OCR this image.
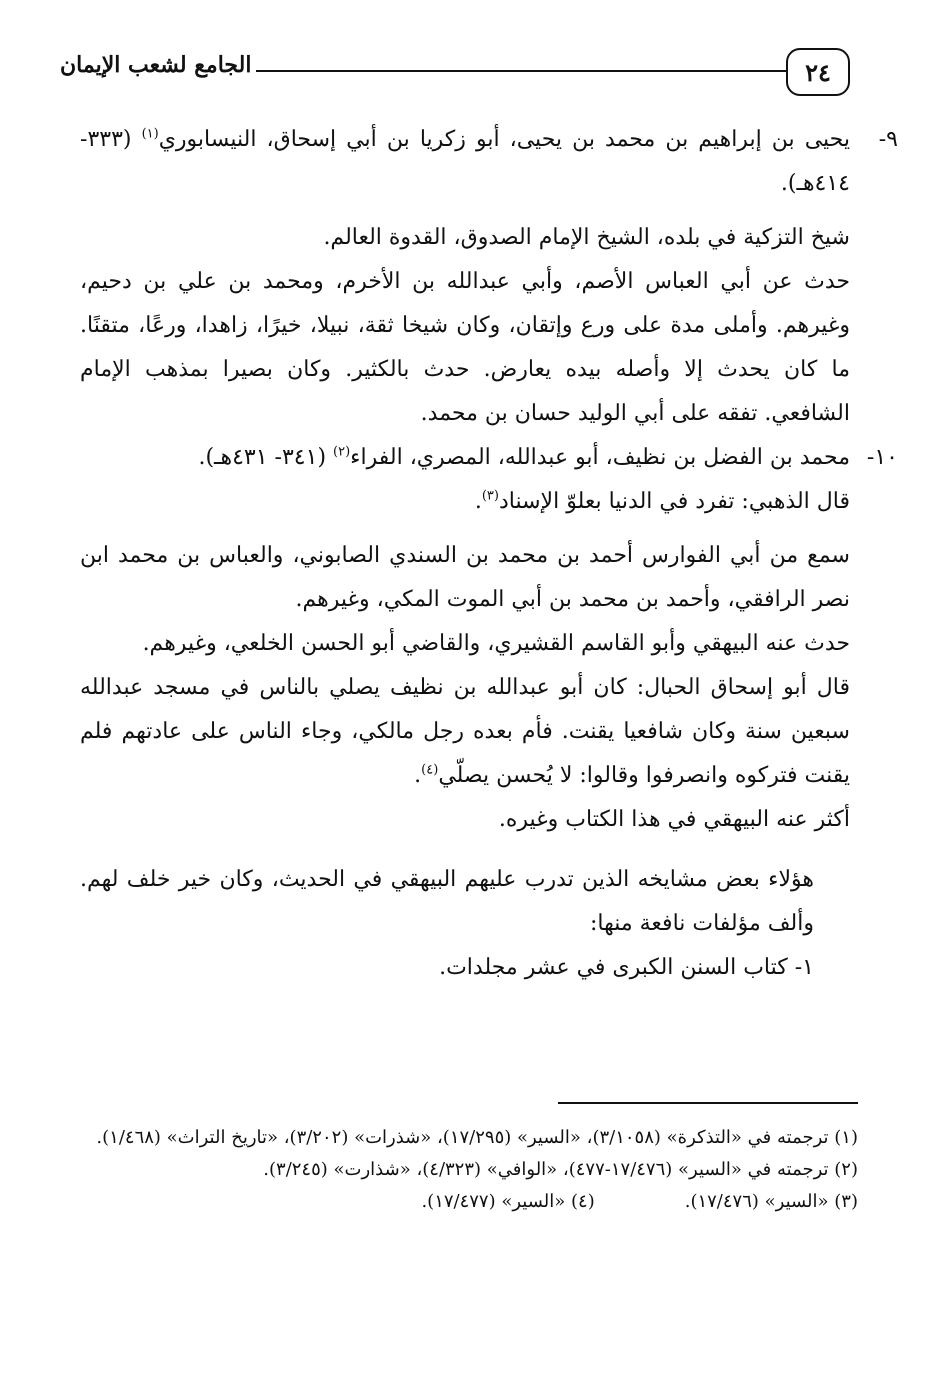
٢٤
الجامع لشعب الإيمان
٩-

يحيى بن إبراهيم بن محمد بن يحيى، أبو زكريا بن أبي إسحاق، النيسابوري$^{(١)}$ (٣٣٣- ٤١٤هـ).

شيخ التزكية في بلده، الشيخ الإمام الصدوق، القدوة العالم.

حدث عن أبي العباس الأصم، وأبي عبدالله بن الأخرم، ومحمد بن علي بن دحيم، وغيرهم. وأملى مدة على ورع وإتقان، وكان شيخا ثقة، نبيلا، خيرًا، زاهدا، ورعًا، متقنًا. ما كان يحدث إلا وأصله بيده يعارض. حدث بالكثير. وكان بصيرا بمذهب الإمام الشافعي. تفقه على أبي الوليد حسان بن محمد.

١٠-

محمد بن الفضل بن نظيف، أبو عبدالله، المصري، الفراء$^{(٢)}$ (٣٤١- ٤٣١هـ).

قال الذهبي: تفرد في الدنيا بعلوّ الإسناد$^{(٣)}$.

سمع من أبي الفوارس أحمد بن محمد بن السندي الصابوني، والعباس بن محمد ابن نصر الرافقي، وأحمد بن محمد بن أبي الموت المكي، وغيرهم.

حدث عنه البيهقي وأبو القاسم القشيري، والقاضي أبو الحسن الخلعي، وغيرهم.

قال أبو إسحاق الحبال: كان أبو عبدالله بن نظيف يصلي بالناس في مسجد عبدالله سبعين سنة وكان شافعيا يقنت. فأم بعده رجل مالكي، وجاء الناس على عادتهم فلم يقنت فتركوه وانصرفوا وقالوا: لا يُحسن يصلّي$^{(٤)}$.

أكثر عنه البيهقي في هذا الكتاب وغيره.

هؤلاء بعض مشايخه الذين تدرب عليهم البيهقي في الحديث، وكان خير خلف لهم. وألف مؤلفات نافعة منها:

١- كتاب السنن الكبرى في عشر مجلدات.

(١) ترجمته في «التذكرة» (٣/١٠٥٨)، «السير» (١٧/٢٩٥)، «شذرات» (٣/٢٠٢)، «تاريخ التراث» (١/٤٦٨).

(٢) ترجمته في «السير» (١٧/٤٧٦-٤٧٧)، «الوافي» (٤/٣٢٣)، «شذارت» (٣/٢٤٥).

(٣) «السير» (١٧/٤٧٦).
(٤) «السير» (١٧/٤٧٧).
